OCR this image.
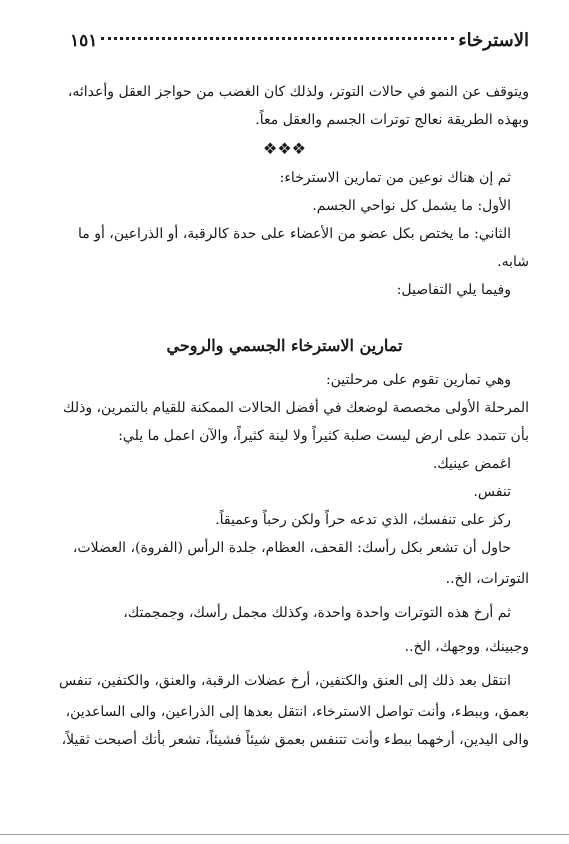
الاسترخاء
١٥١
ويتوقف عن النمو في حالات التوتر، ولذلك كان الغضب من حواجز العقل وأعدائه،
وبهذه الطريقة نعالج توترات الجسم والعقل معاً.
❖❖❖
ثم إن هناك نوعين من تمارين الاسترخاء:
الأول: ما يشمل كل نواحي الجسم.
الثاني: ما يختص بكل عضو من الأعضاء على حدة كالرقبة، أو الذراعين، أو ما
شابه.
وفيما يلي التفاصيل:
تمارين الاسترخاء الجسمي والروحي
وهي تمارين تقوم على مرحلتين:
المرحلة الأولى مخصصة لوضعك في أفضل الحالات الممكنة للقيام بالتمرين، وذلك
بأن تتمدد على ارض ليست صلبة كثيراً ولا لينة كثيراً، والآن اعمل ما يلي:
اغمض عينيك.
تنفس.
ركز على تنفسك، الذي تدعه حراً ولكن رحباً وعميقاً.
حاول أن تشعر بكل رأسك: القحف، العظام، جلدة الرأس (الفروة)، العضلات،
التوترات، الخ..
ثم أرخ هذه التوترات واحدة واحدة، وكذلك مجمل رأسك، وجمجمتك،
وجبينك، ووجهك، الخ..
انتقل بعد ذلك إلى العنق والكتفين، أرخ عضلات الرقبة، والعنق، والكتفين، تنفس
بعمق، وببطء، وأنت تواصل الاسترخاء، انتقل بعدها إلى الذراعين، والى الساعدين،
والى اليدين، أرخهما ببطء وأنت تتنفس بعمق شيئاً فشيئاً، تشعر بأنك أصبحت ثقيلاً،
